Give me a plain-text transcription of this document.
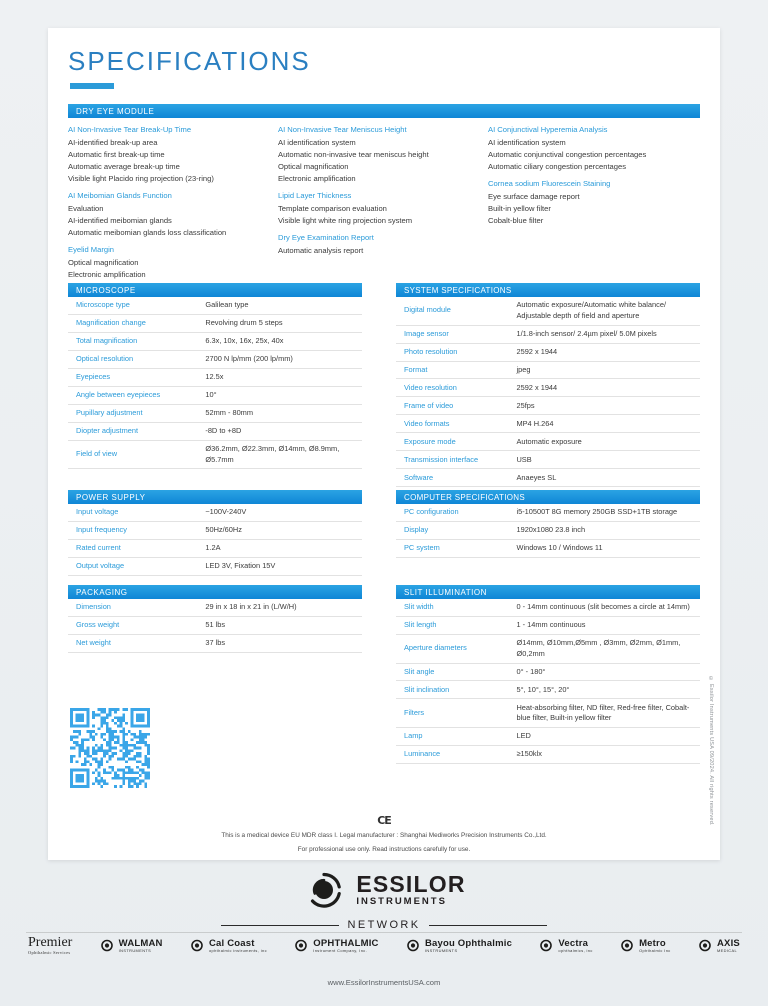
SPECIFICATIONS
DRY EYE MODULE
AI Non-Invasive Tear Break-Up Time
AI-identified break-up area
Automatic first break-up time
Automatic average break-up time
Visible light Placido ring projection (23-ring)
AI Meibomian Glands Function
Evaluation
AI-identified meibomian glands
Automatic meibomian glands loss classification
Eyelid Margin
Optical magnification
Electronic amplification
AI Non-Invasive Tear Meniscus Height
AI identification system
Automatic non-invasive tear meniscus height
Optical magnification
Electronic amplification
Lipid Layer Thickness
Template comparison evaluation
Visible light white ring projection system
Dry Eye Examination Report
Automatic analysis report
AI Conjunctival Hyperemia Analysis
AI identification system
Automatic conjunctival congestion percentages
Automatic ciliary congestion percentages
Cornea sodium Fluorescein Staining
Eye surface damage report
Built-in yellow filter
Cobalt-blue filter
MICROSCOPE
Microscope type	Galilean type
Magnification change	Revolving drum 5 steps
Total magnification	6.3x, 10x, 16x, 25x, 40x
Optical resolution	2700 N lp/mm (200 lp/mm)
Eyepieces	12.5x
Angle between eyepieces	10°
Pupillary adjustment	52mm - 80mm
Diopter adjustment	-8D to +8D
Field of view	Ø36.2mm, Ø22.3mm, Ø14mm, Ø8.9mm, Ø5.7mm
SYSTEM SPECIFICATIONS
Digital module	Automatic exposure/Automatic white balance/ Adjustable depth of field and aperture
Image sensor	1/1.8-inch sensor/ 2.4µm pixel/ 5.0M pixels
Photo resolution	2592 x 1944
Format	jpeg
Video resolution	2592 x 1944
Frame of video	25fps
Video formats	MP4 H.264
Exposure mode	Automatic exposure
Transmission interface	USB
Software	Anaeyes SL
POWER SUPPLY
Input voltage	~100V-240V
Input frequency	50Hz/60Hz
Rated current	1.2A
Output voltage	LED 3V, Fixation 15V
PACKAGING
Dimension	29 in x 18 in x 21 in (L/W/H)
Gross weight	51 lbs
Net weight	37 lbs
COMPUTER SPECIFICATIONS
PC configuration	i5-10500T 8G memory 250GB SSD+1TB storage
Display	1920x1080 23.8 inch
PC system	Windows 10 / Windows 11
SLIT ILLUMINATION
Slit width	0 - 14mm continuous (slit becomes a circle at 14mm)
Slit length	1 - 14mm continuous
Aperture diameters	Ø14mm, Ø10mm,Ø5mm , Ø3mm, Ø2mm, Ø1mm, Ø0,2mm
Slit angle	0° - 180°
Slit inclination	5°, 10°, 15°, 20°
Filters	Heat-absorbing filter, ND filter, Red-free filter, Cobalt-blue filter, Built-in yellow filter
Lamp	LED
Luminance	≥150klx	© Essilor Instruments USA 09/2024. All rights reserved.
CE
This is a medical device EU MDR class I. Legal manufacturer : Shanghai Mediworks Precision Instruments Co.,Ltd.
For professional use only. Read instructions carefully for use.
ESSILOR
INSTRUMENTS
NETWORK
Premier
Ophthalmic Services
WALMAN
INSTRUMENTS
Cal Coast
ophthalmic instruments, inc
OPHTHALMIC
Instrument Company, Inc.
Bayou Ophthalmic
INSTRUMENTS
Vectra
ophthalmics, inc
Metro
Ophthalmic Inc
AXIS
MEDICAL
www.EssilorInstrumentsUSA.com
